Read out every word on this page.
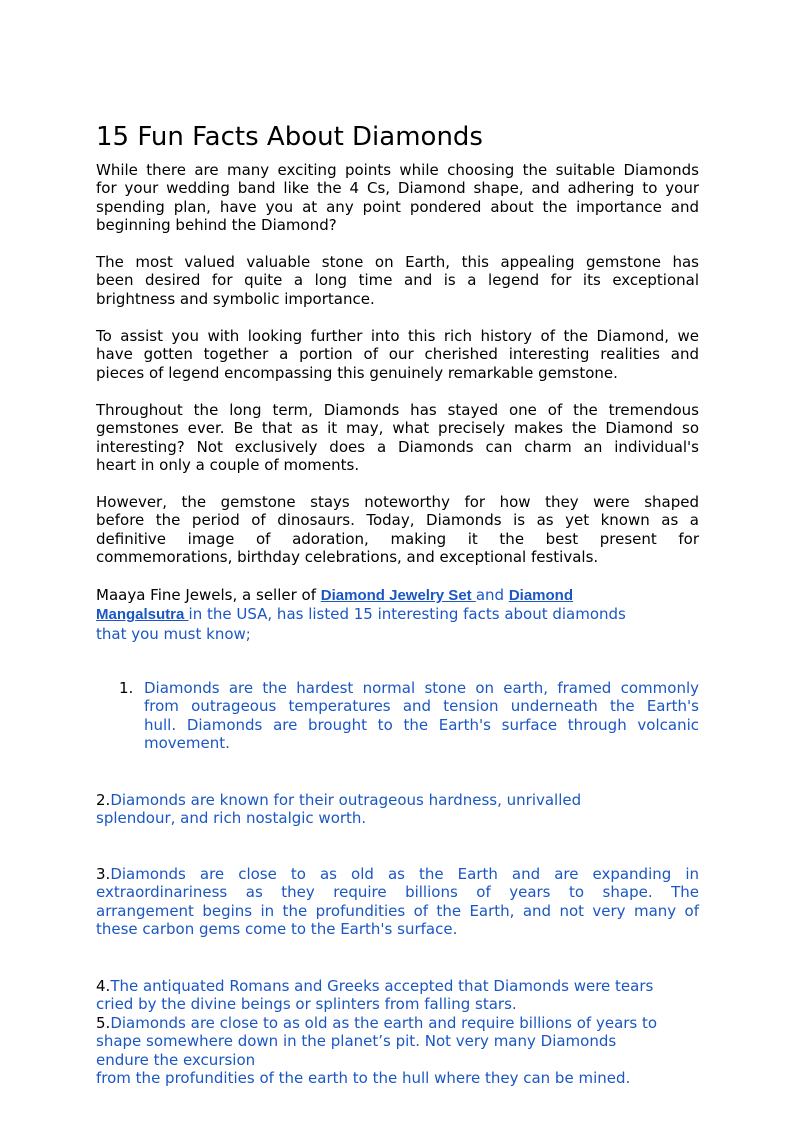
15 Fun Facts About Diamonds
While there are many exciting points while choosing the suitable Diamonds
for your wedding band like the 4 Cs, Diamond shape, and adhering to your
spending plan, have you at any point pondered about the importance and
beginning behind the Diamond?
The most valued valuable stone on Earth, this appealing gemstone has
been desired for quite a long time and is a legend for its exceptional
brightness and symbolic importance.
To assist you with looking further into this rich history of the Diamond, we
have gotten together a portion of our cherished interesting realities and
pieces of legend encompassing this genuinely remarkable gemstone.
Throughout the long term, Diamonds has stayed one of the tremendous
gemstones ever. Be that as it may, what precisely makes the Diamond so
interesting? Not exclusively does a Diamonds can charm an individual's
heart in only a couple of moments.
However, the gemstone stays noteworthy for how they were shaped
before the period of dinosaurs. Today, Diamonds is as yet known as a
definitive image of adoration, making it the best present for
commemorations, birthday celebrations, and exceptional festivals.
Maaya Fine Jewels, a seller of Diamond Jewelry Set and Diamond
Mangalsutra in the USA, has listed 15 interesting facts about diamonds
that you must know;
1. Diamonds are the hardest normal stone on earth, framed commonly
from outrageous temperatures and tension underneath the Earth's
hull. Diamonds are brought to the Earth's surface through volcanic
movement.
2.Diamonds are known for their outrageous hardness, unrivalled
splendour, and rich nostalgic worth.
3.Diamonds are close to as old as the Earth and are expanding in
extraordinariness as they require billions of years to shape. The
arrangement begins in the profundities of the Earth, and not very many of
these carbon gems come to the Earth's surface.
4.The antiquated Romans and Greeks accepted that Diamonds were tears
cried by the divine beings or splinters from falling stars.
5.Diamonds are close to as old as the earth and require billions of years to
shape somewhere down in the planet’s pit. Not very many Diamonds
endure the excursion
from the profundities of the earth to the hull where they can be mined.
